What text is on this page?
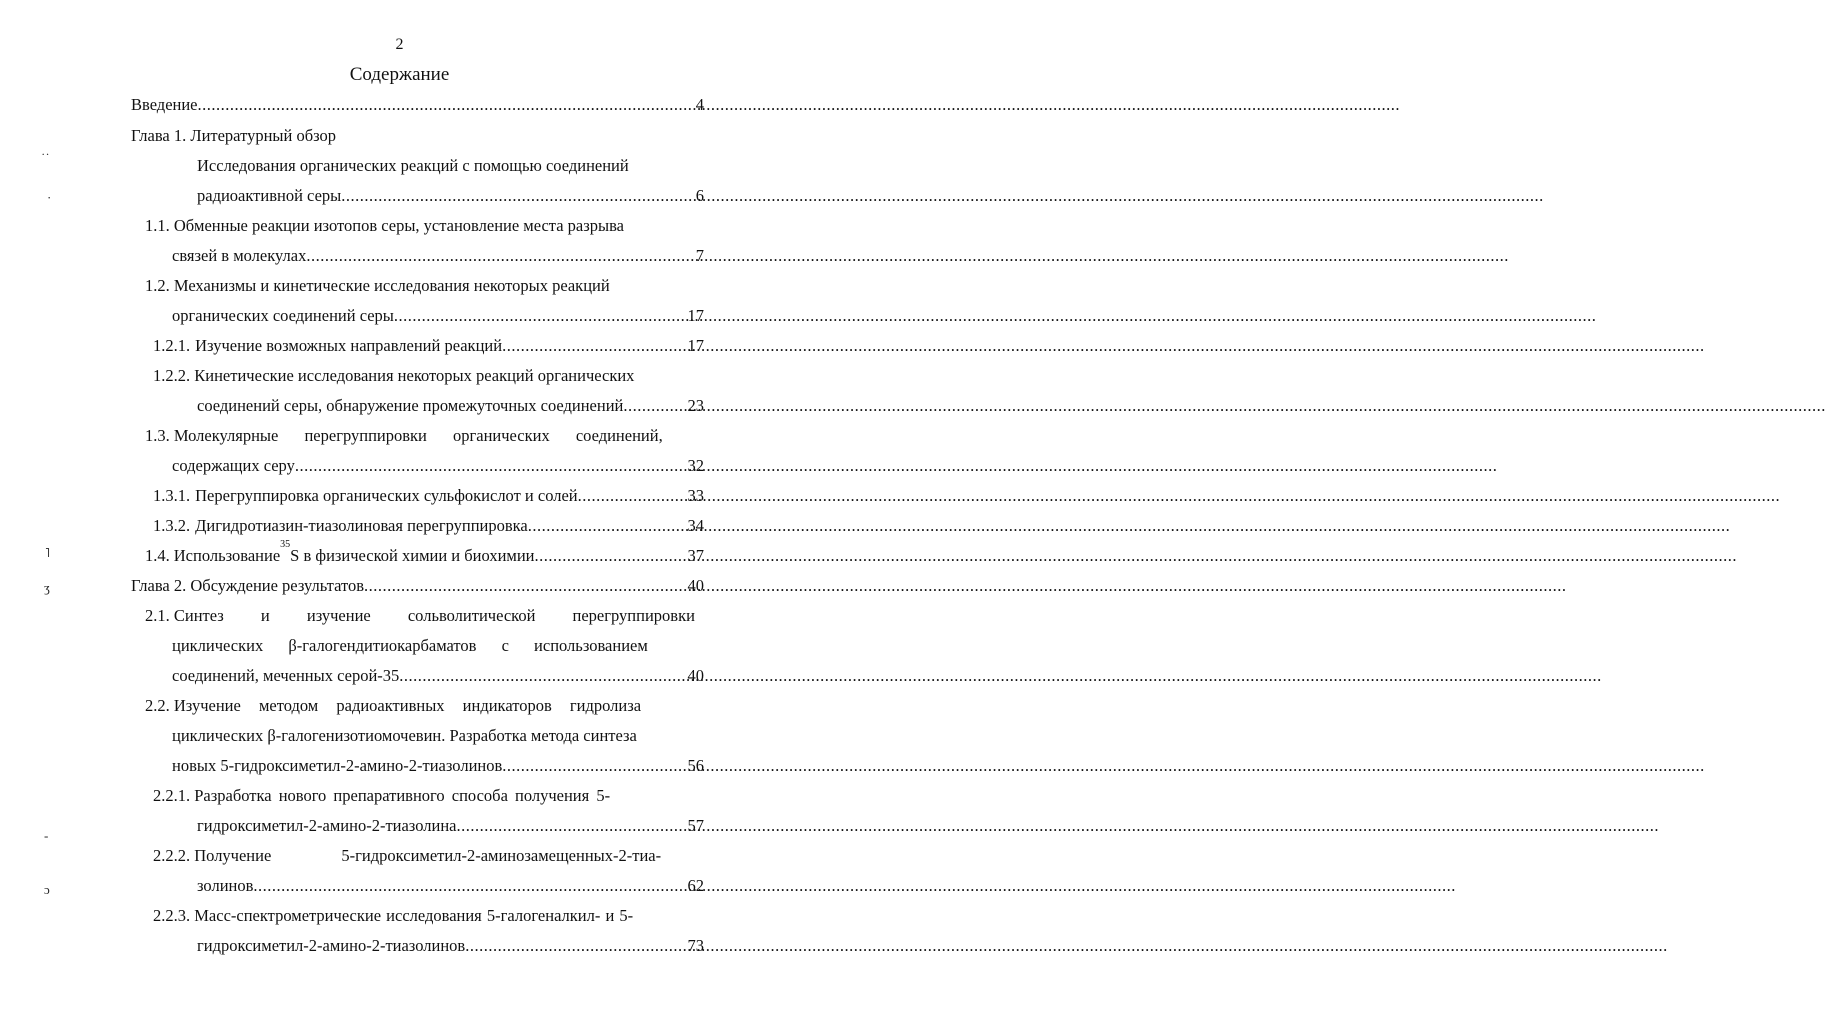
2
Содержание
Введение .....	4
Глава 1. Литературный обзор
Исследования органических реакций с помощью соединений
радиоактивной серы .....	6
1.1. Обменные реакции изотопов серы, установление места разрыва
связей в молекулах .....	7
1.2. Механизмы и кинетические исследования некоторых реакций
органических соединений серы .....	17
1.2.1. Изучение возможных направлений реакций .....	17
1.2.2. Кинетические исследования некоторых реакций органических
соединений серы, обнаружение промежуточных соединений .....	23
1.3. Молекулярные перегруппировки органических соединений,
содержащих серу .....	32
1.3.1. Перегруппировка органических сульфокислот и солей .....	33
1.3.2. Дигидротиазин-тиазолиновая перегруппировка .....	34
1.4. Использование
35
S в физической химии и биохимии .....	37
Глава 2. Обсуждение результатов .....	40
2.1. Синтез и изучение сольволитической перегруппировки
циклических β-галогендитиокарбаматов с использованием
соединений, меченных серой-35 .....	40
2.2. Изучение методом радиоактивных индикаторов гидролиза
циклических β-галогенизотиомочевин. Разработка метода синтеза
новых 5-гидроксиметил-2-амино-2-тиазолинов .....	56
2.2.1. Разработка нового препаративного способа получения 5-
гидроксиметил-2-амино-2-тиазолина .....	57
2.2.2. Получение 5-гидроксиметил-2-аминозамещенных-2-тиа-
золинов .....	62
2.2.3. Масс-спектрометрические исследования 5-галогеналкил- и 5-
гидроксиметил-2-амино-2-тиазолинов .....	73
˙˙
·
˥
ʒ
-
ɔ
